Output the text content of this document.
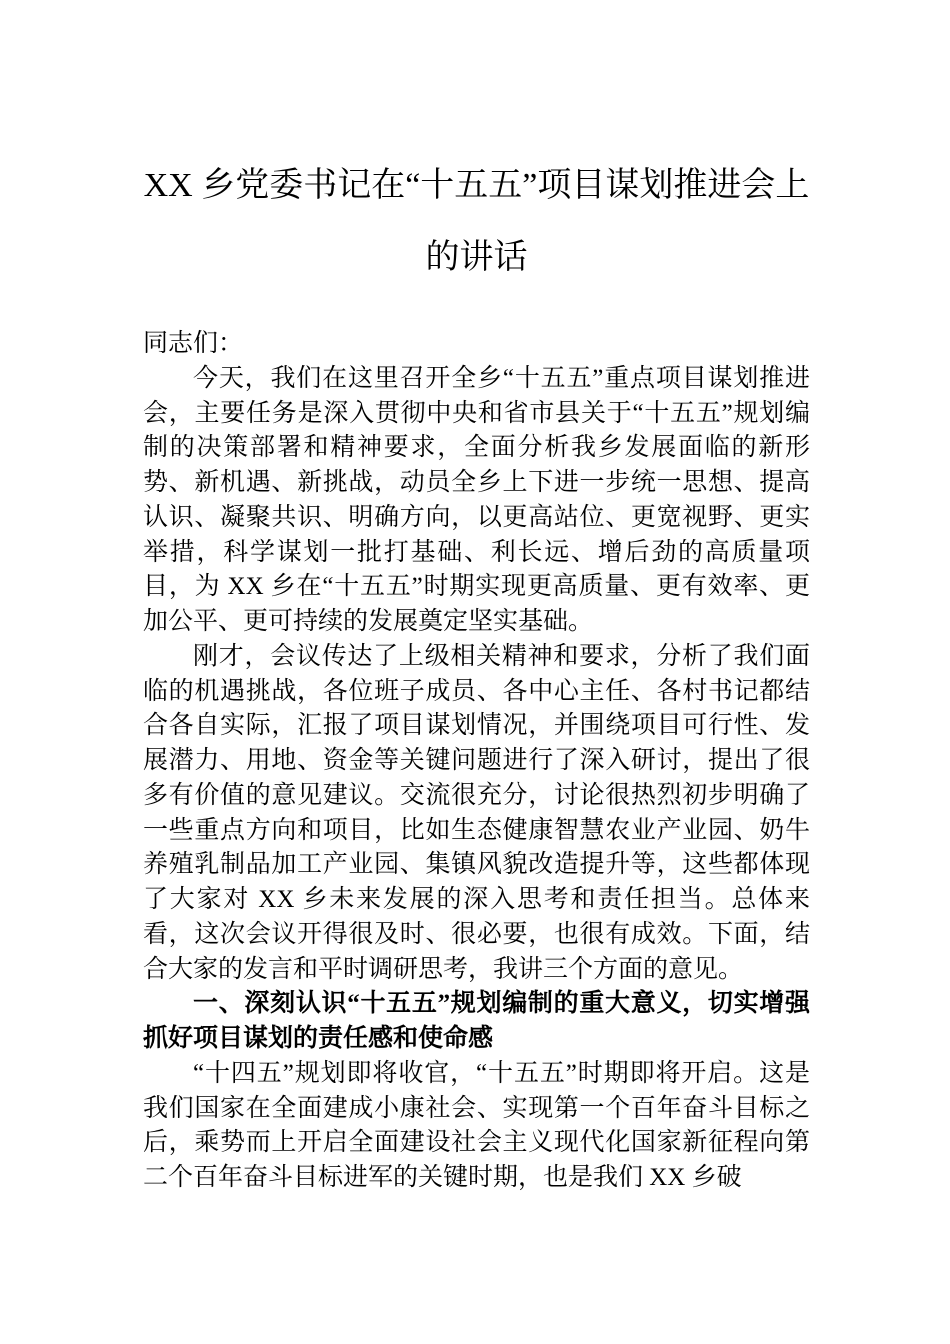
XX 乡党委书记在“十五五”项目谋划推进会上的讲话

同志们：

今天，我们在这里召开全乡“十五五”重点项目谋划推进会，主要任务是深入贯彻中央和省市县关于“十五五”规划编制的决策部署和精神要求，全面分析我乡发展面临的新形势、新机遇、新挑战，动员全乡上下进一步统一思想、提高认识、凝聚共识、明确方向，以更高站位、更宽视野、更实举措，科学谋划一批打基础、利长远、增后劲的高质量项目，为 XX 乡在“十五五”时期实现更高质量、更有效率、更加公平、更可持续的发展奠定坚实基础。

刚才，会议传达了上级相关精神和要求，分析了我们面临的机遇挑战，各位班子成员、各中心主任、各村书记都结合各自实际，汇报了项目谋划情况，并围绕项目可行性、发展潜力、用地、资金等关键问题进行了深入研讨，提出了很多有价值的意见建议。交流很充分，讨论很热烈初步明确了一些重点方向和项目，比如生态健康智慧农业产业园、奶牛养殖乳制品加工产业园、集镇风貌改造提升等，这些都体现了大家对 XX 乡未来发展的深入思考和责任担当。总体来看，这次会议开得很及时、很必要，也很有成效。下面，结合大家的发言和平时调研思考，我讲三个方面的意见。

一、深刻认识“十五五”规划编制的重大意义，切实增强抓好项目谋划的责任感和使命感

“十四五”规划即将收官，“十五五”时期即将开启。这是我们国家在全面建成小康社会、实现第一个百年奋斗目标之后，乘势而上开启全面建设社会主义现代化国家新征程向第二个百年奋斗目标进军的关键时期，也是我们 XX 乡破
